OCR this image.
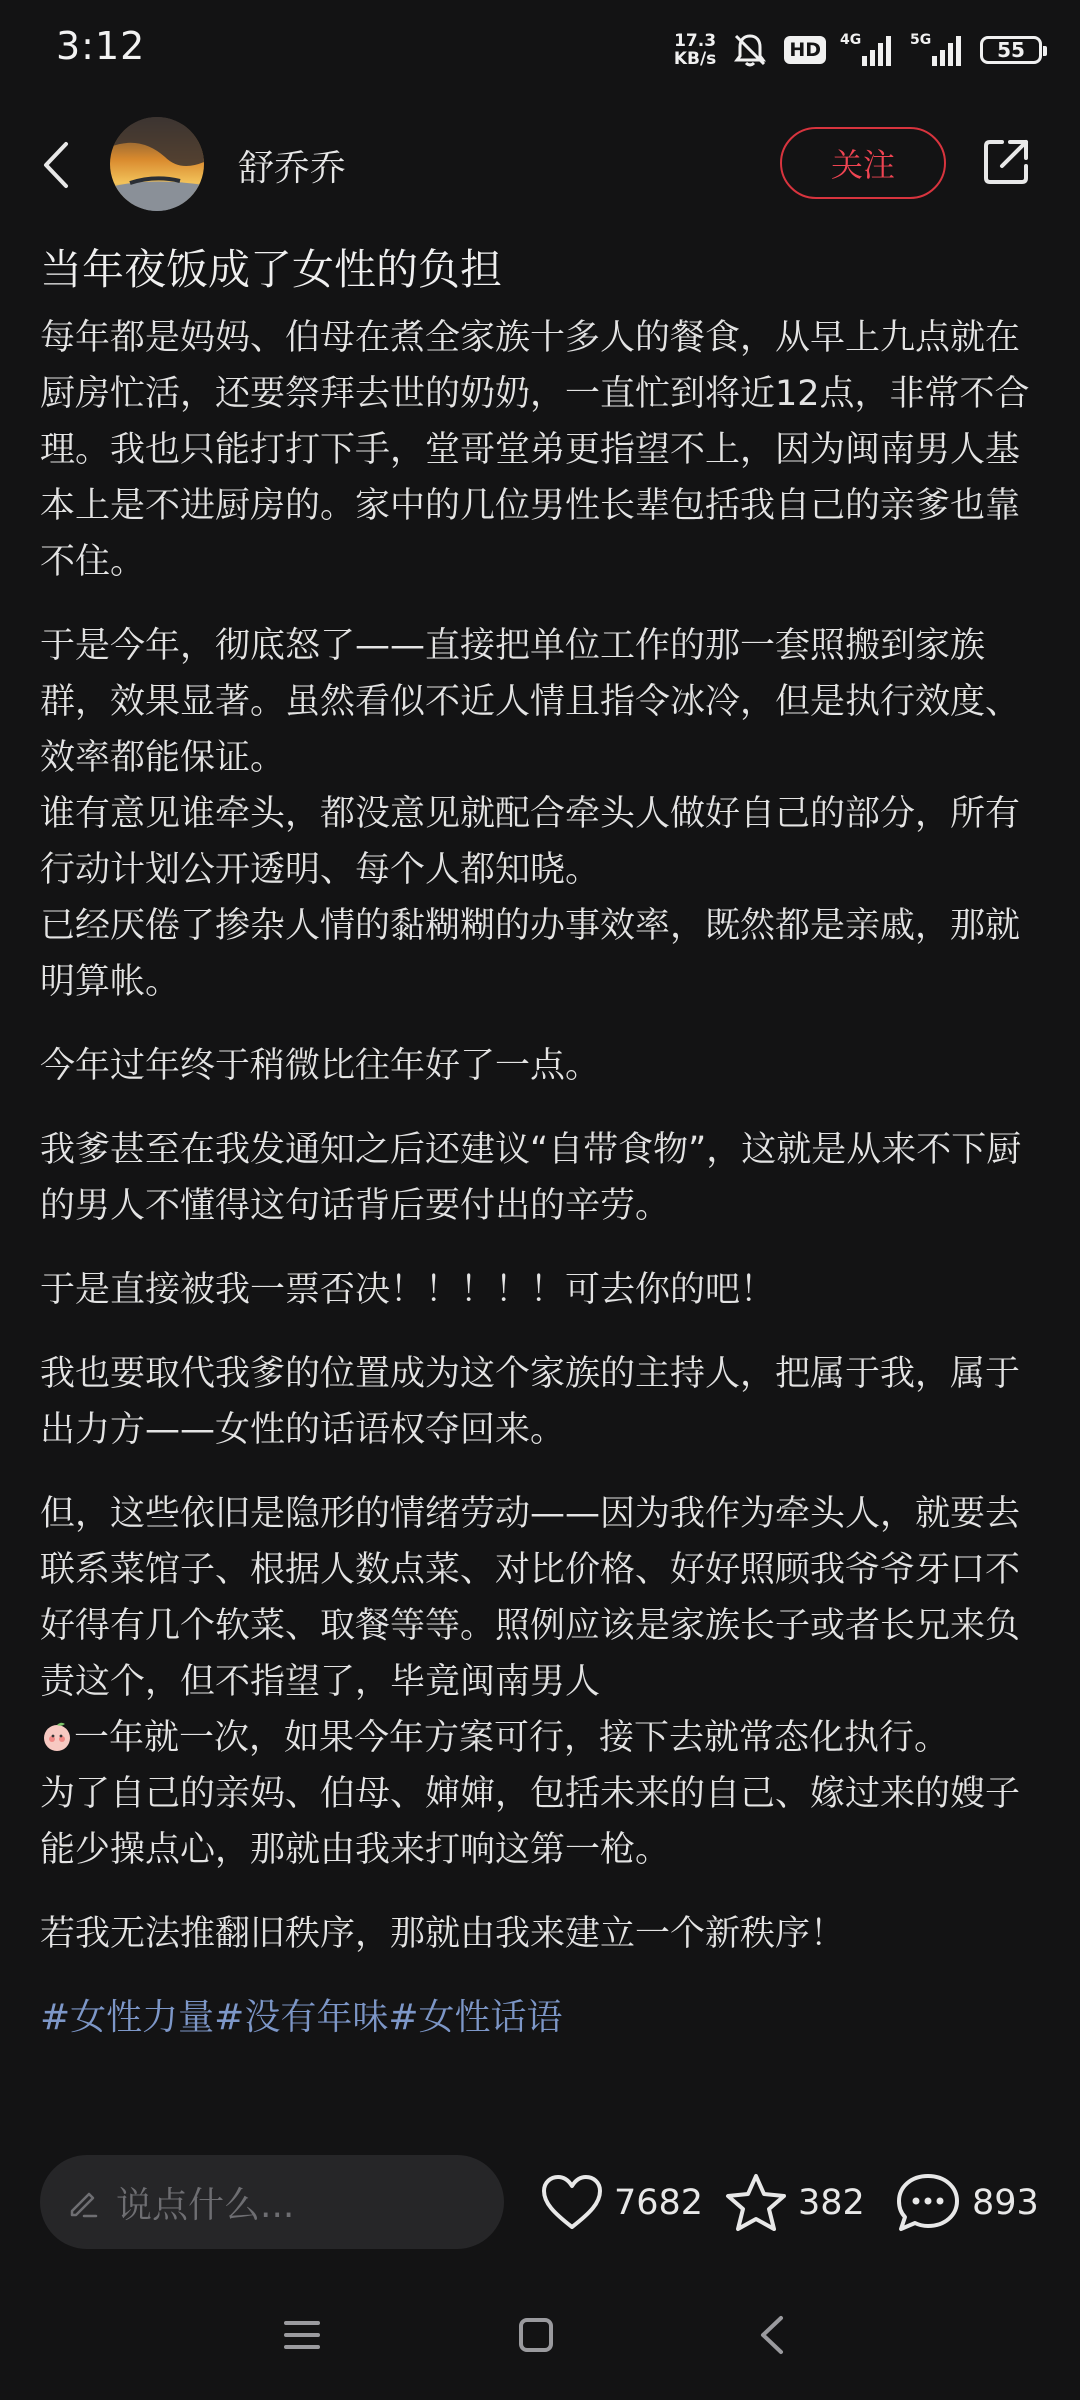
3:12	17.3
KB/s	HD	4G	5G	55
舒乔乔	关注
当年夜饭成了女性的负担

每年都是妈妈、伯母在煮全家族十多人的餐食，从早上九点就在厨房忙活，还要祭拜去世的奶奶，一直忙到将近12点，非常不合理。我也只能打打下手，堂哥堂弟更指望不上，因为闽南男人基本上是不进厨房的。家中的几位男性长辈包括我自己的亲爹也靠不住。

于是今年，彻底怒了——直接把单位工作的那一套照搬到家族群，效果显著。虽然看似不近人情且指令冰冷，但是执行效度、效率都能保证。

谁有意见谁牵头，都没意见就配合牵头人做好自己的部分，所有行动计划公开透明、每个人都知晓。

已经厌倦了掺杂人情的黏糊糊的办事效率，既然都是亲戚，那就明算帐。

今年过年终于稍微比往年好了一点。

我爹甚至在我发通知之后还建议“自带食物”，这就是从来不下厨的男人不懂得这句话背后要付出的辛劳。

于是直接被我一票否决！！！！！可去你的吧！

我也要取代我爹的位置成为这个家族的主持人，把属于我，属于出力方——女性的话语权夺回来。

但，这些依旧是隐形的情绪劳动——因为我作为牵头人，就要去联系菜馆子、根据人数点菜、对比价格、好好照顾我爷爷牙口不好得有几个软菜、取餐等等。照例应该是家族长子或者长兄来负责这个，但不指望了，毕竟闽南男人
一年就一次，如果今年方案可行，接下去就常态化执行。

为了自己的亲妈、伯母、婶婶，包括未来的自己、嫁过来的嫂子能少操点心，那就由我来打响这第一枪。

若我无法推翻旧秩序，那就由我来建立一个新秩序！

#女性力量#没有年味#女性话语
说点什么...	7682	382	893
